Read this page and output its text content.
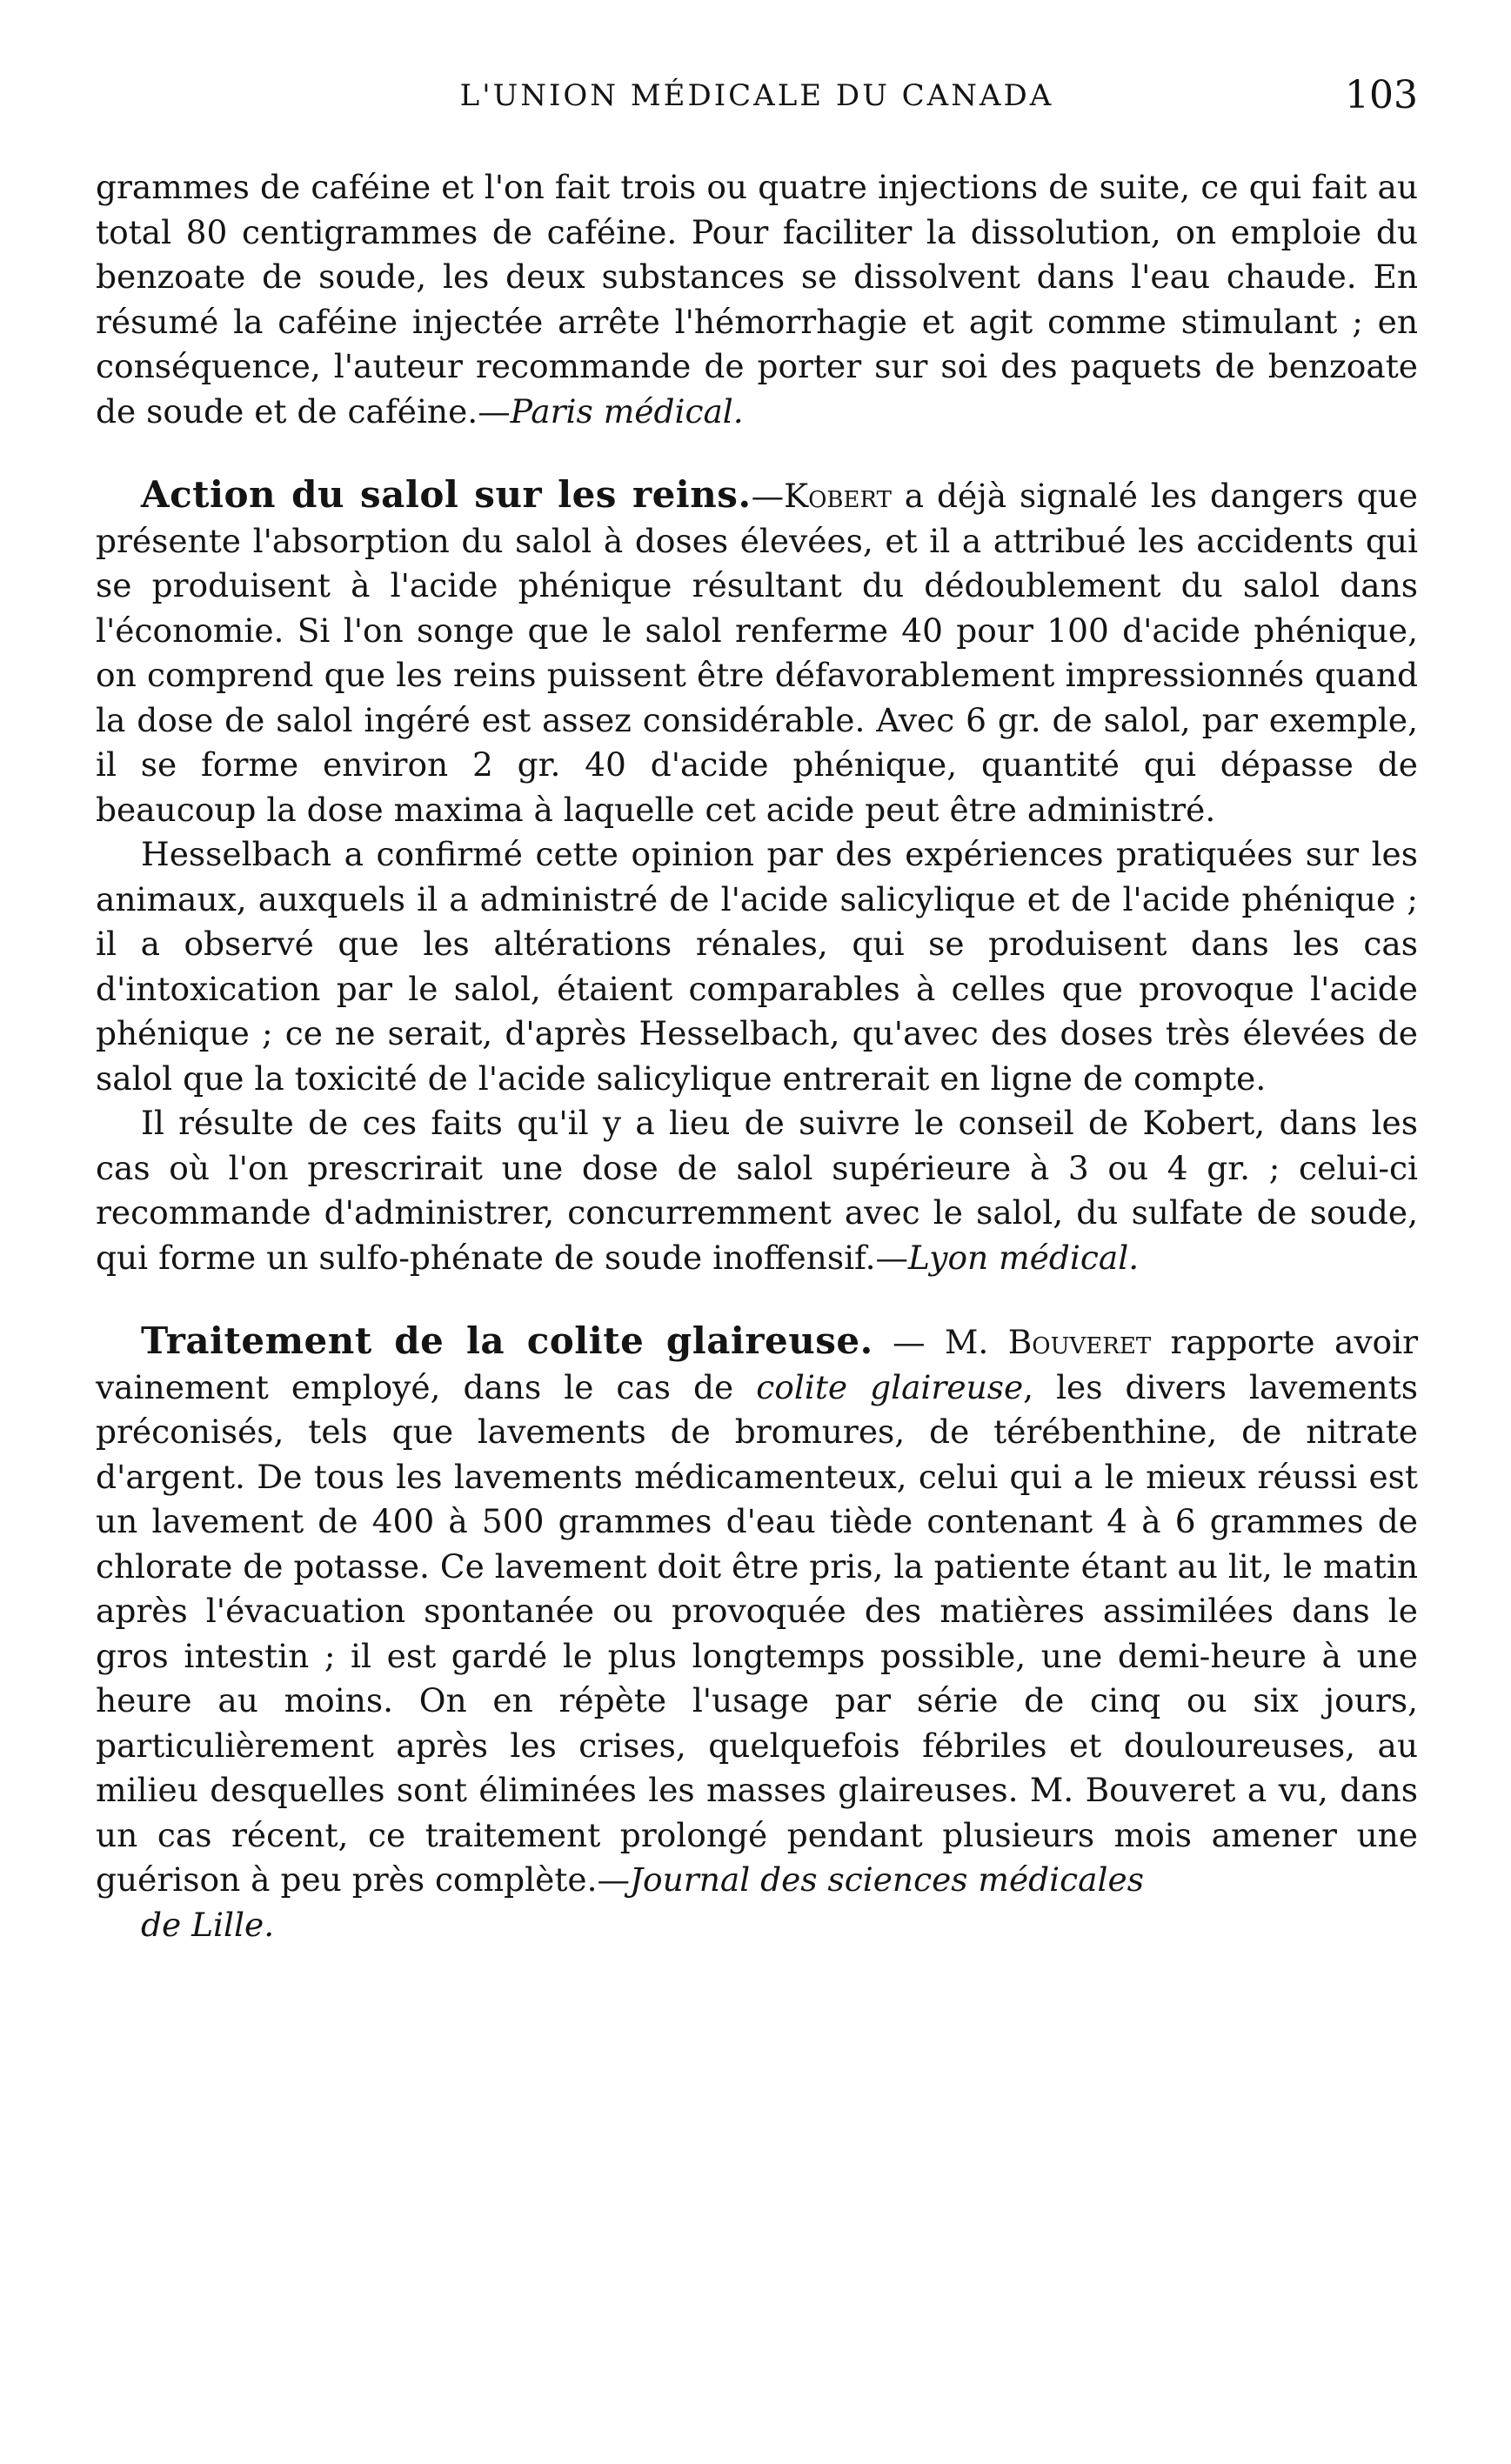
L'UNION MÉDICALE DU CANADA	103

grammes de caféine et l'on fait trois ou quatre injections de suite, ce qui fait au total 80 centigrammes de caféine. Pour faciliter la dissolution, on emploie du benzoate de soude, les deux substances se dissolvent dans l'eau chaude. En résumé la caféine injectée arrête l'hémorrhagie et agit comme stimulant ; en conséquence, l'auteur recommande de porter sur soi des paquets de benzoate de soude et de caféine.—Paris médical.

Action du salol sur les reins.—Kobert a déjà signalé les dangers que présente l'absorption du salol à doses élevées, et il a attribué les accidents qui se produisent à l'acide phénique résultant du dédoublement du salol dans l'économie. Si l'on songe que le salol renferme 40 pour 100 d'acide phénique, on comprend que les reins puissent être défavorablement impressionnés quand la dose de salol ingéré est assez considérable. Avec 6 gr. de salol, par exemple, il se forme environ 2 gr. 40 d'acide phénique, quantité qui dépasse de beaucoup la dose maxima à laquelle cet acide peut être administré.

Hesselbach a confirmé cette opinion par des expériences pratiquées sur les animaux, auxquels il a administré de l'acide salicylique et de l'acide phénique ; il a observé que les altérations rénales, qui se produisent dans les cas d'intoxication par le salol, étaient comparables à celles que provoque l'acide phénique ; ce ne serait, d'après Hesselbach, qu'avec des doses très élevées de salol que la toxicité de l'acide salicylique entrerait en ligne de compte.

Il résulte de ces faits qu'il y a lieu de suivre le conseil de Kobert, dans les cas où l'on prescrirait une dose de salol supérieure à 3 ou 4 gr. ; celui-ci recommande d'administrer, concurremment avec le salol, du sulfate de soude, qui forme un sulfo-phénate de soude inoffensif.—Lyon médical.

Traitement de la colite glaireuse. — M. Bouveret rapporte avoir vainement employé, dans le cas de colite glaireuse, les divers lavements préconisés, tels que lavements de bromures, de térébenthine, de nitrate d'argent. De tous les lavements médicamenteux, celui qui a le mieux réussi est un lavement de 400 à 500 grammes d'eau tiède contenant 4 à 6 grammes de chlorate de potasse. Ce lavement doit être pris, la patiente étant au lit, le matin après l'évacuation spontanée ou provoquée des matières assimilées dans le gros intestin ; il est gardé le plus longtemps possible, une demi-heure à une heure au moins. On en répète l'usage par série de cinq ou six jours, particulièrement après les crises, quelquefois fébriles et douloureuses, au milieu desquelles sont éliminées les masses glaireuses. M. Bouveret a vu, dans un cas récent, ce traitement prolongé pendant plusieurs mois amener une guérison à peu près complète.—Journal des sciences médicales
de Lille.
